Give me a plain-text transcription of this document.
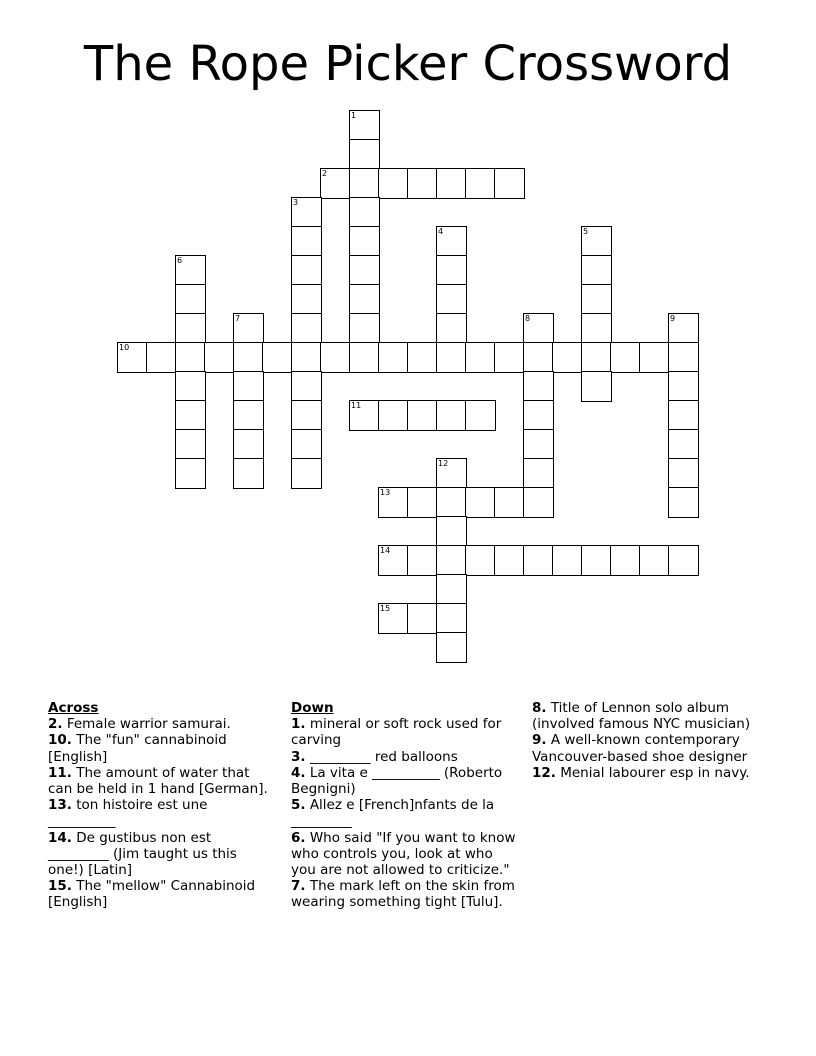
The Rope Picker Crossword
1
2
3
4	5
6
7	8	9
10
11
12
13
14
15
Across
2. Female warrior samurai.
10. The "fun" cannabinoid [English]
11. The amount of water that can be held in 1 hand [German].
13. ton histoire est une __________
14. De gustibus non est _________ (Jim taught us this one!) [Latin]
15. The "mellow" Cannabinoid [English]
Down
1. mineral or soft rock used for carving
3. _________ red balloons
4. La vita e __________ (Roberto Begnigni)
5. Allez e [French]nfants de la _________
6. Who said "If you want to know who controls you, look at who you are not allowed to criticize."
7. The mark left on the skin from wearing something tight [Tulu].
8. Title of Lennon solo album (involved famous NYC musician)
9. A well-known contemporary Vancouver-based shoe designer
12. Menial labourer esp in navy.
